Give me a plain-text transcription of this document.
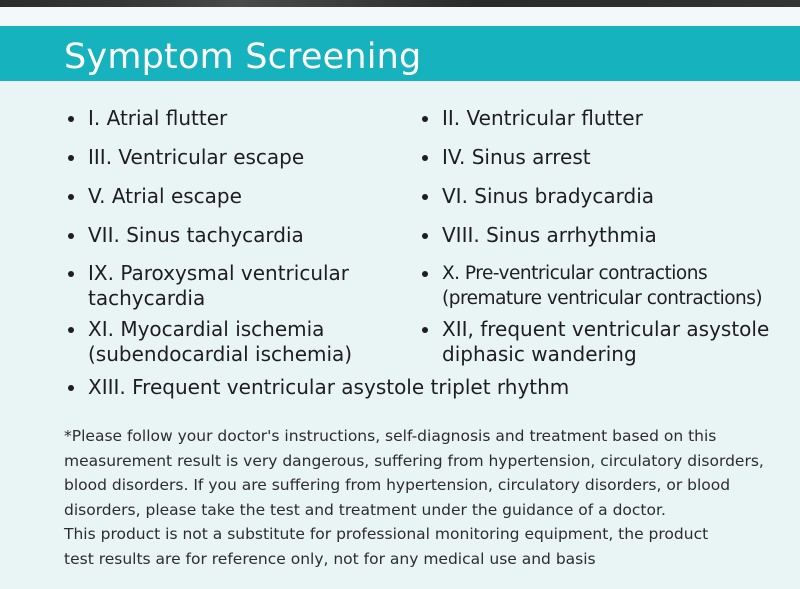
Symptom Screening
I. Atrial flutter	II. Ventricular flutter
III. Ventricular escape	IV. Sinus arrest
V. Atrial escape	VI. Sinus bradycardia
VII. Sinus tachycardia	VIII. Sinus arrhythmia
IX. Paroxysmal ventricular
tachycardia
X. Pre-ventricular contractions
(premature ventricular contractions)
XI. Myocardial ischemia
(subendocardial ischemia)
XII, frequent ventricular asystole
diphasic wandering
XIII. Frequent ventricular asystole triplet rhythm
*Please follow your doctor's instructions, self-diagnosis and treatment based on this
measurement result is very dangerous, suffering from hypertension, circulatory disorders,
blood disorders. If you are suffering from hypertension, circulatory disorders, or blood
disorders, please take the test and treatment under the guidance of a doctor.
This product is not a substitute for professional monitoring equipment, the product
test results are for reference only, not for any medical use and basis
